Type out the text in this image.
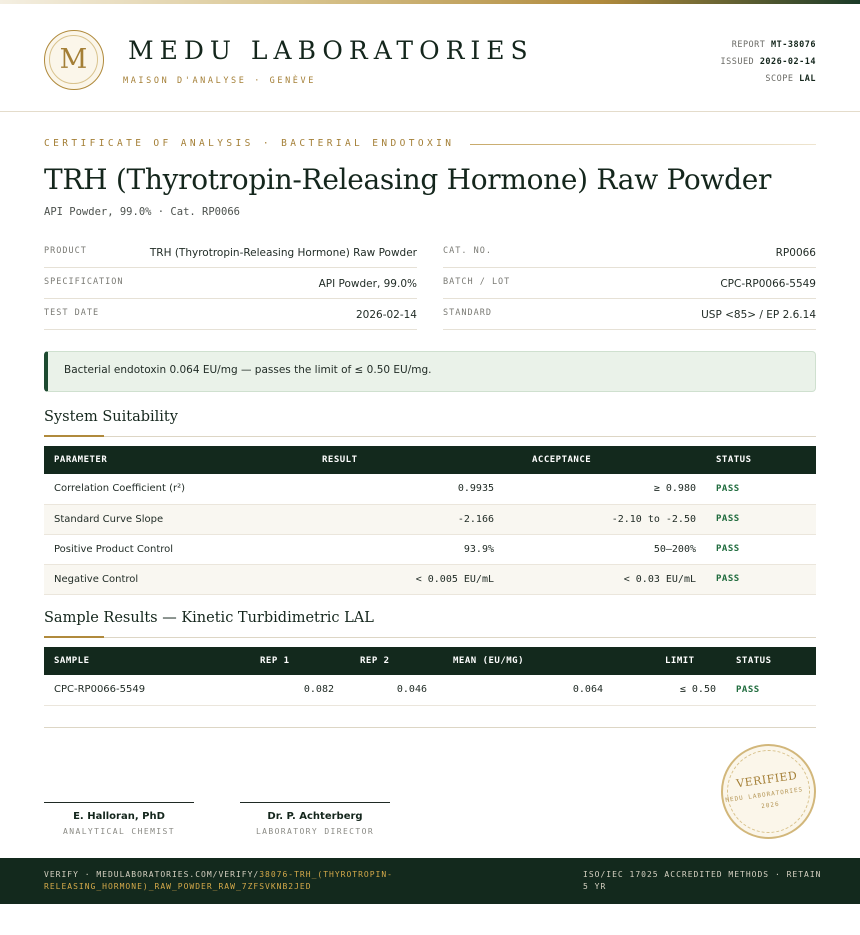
M	MEDU LABORATORIES
MAISON D'ANALYSE · GENÈVE
REPORT MT-38076
ISSUED 2026-02-14
SCOPE LAL
CERTIFICATE OF ANALYSIS · BACTERIAL ENDOTOXIN
TRH (Thyrotropin-Releasing Hormone) Raw Powder
API Powder, 99.0% · Cat. RP0066
PRODUCT	TRH (Thyrotropin-Releasing Hormone) Raw Powder
SPECIFICATION	API Powder, 99.0%
TEST DATE	2026-02-14
CAT. NO.	RP0066
BATCH / LOT	CPC-RP0066-5549
STANDARD	USP <85> / EP 2.6.14
Bacterial endotoxin 0.064 EU/mg — passes the limit of ≤ 0.50 EU/mg.
System Suitability
PARAMETER	RESULT	ACCEPTANCE	STATUS
Correlation Coefficient (r²)	0.9935	≥ 0.980	PASS
Standard Curve Slope	-2.166	-2.10 to -2.50	PASS
Positive Product Control	93.9%	50–200%	PASS
Negative Control	< 0.005 EU/mL	< 0.03 EU/mL	PASS
Sample Results — Kinetic Turbidimetric LAL
SAMPLE	REP 1	REP 2	MEAN (EU/MG)	LIMIT	STATUS
CPC-RP0066-5549	0.082	0.046	0.064	≤ 0.50	PASS
E. Halloran, PhD
ANALYTICAL CHEMIST
Dr. P. Achterberg
LABORATORY DIRECTOR
VERIFIED
MEDU LABORATORIES · 2026
VERIFY · MEDULABORATORIES.COM/VERIFY/38076-TRH_(THYROTROPIN-RELEASING_HORMONE)_RAW_POWDER_RAW_7ZFSVKNB2JED
ISO/IEC 17025 ACCREDITED METHODS · RETAIN 5 YR
